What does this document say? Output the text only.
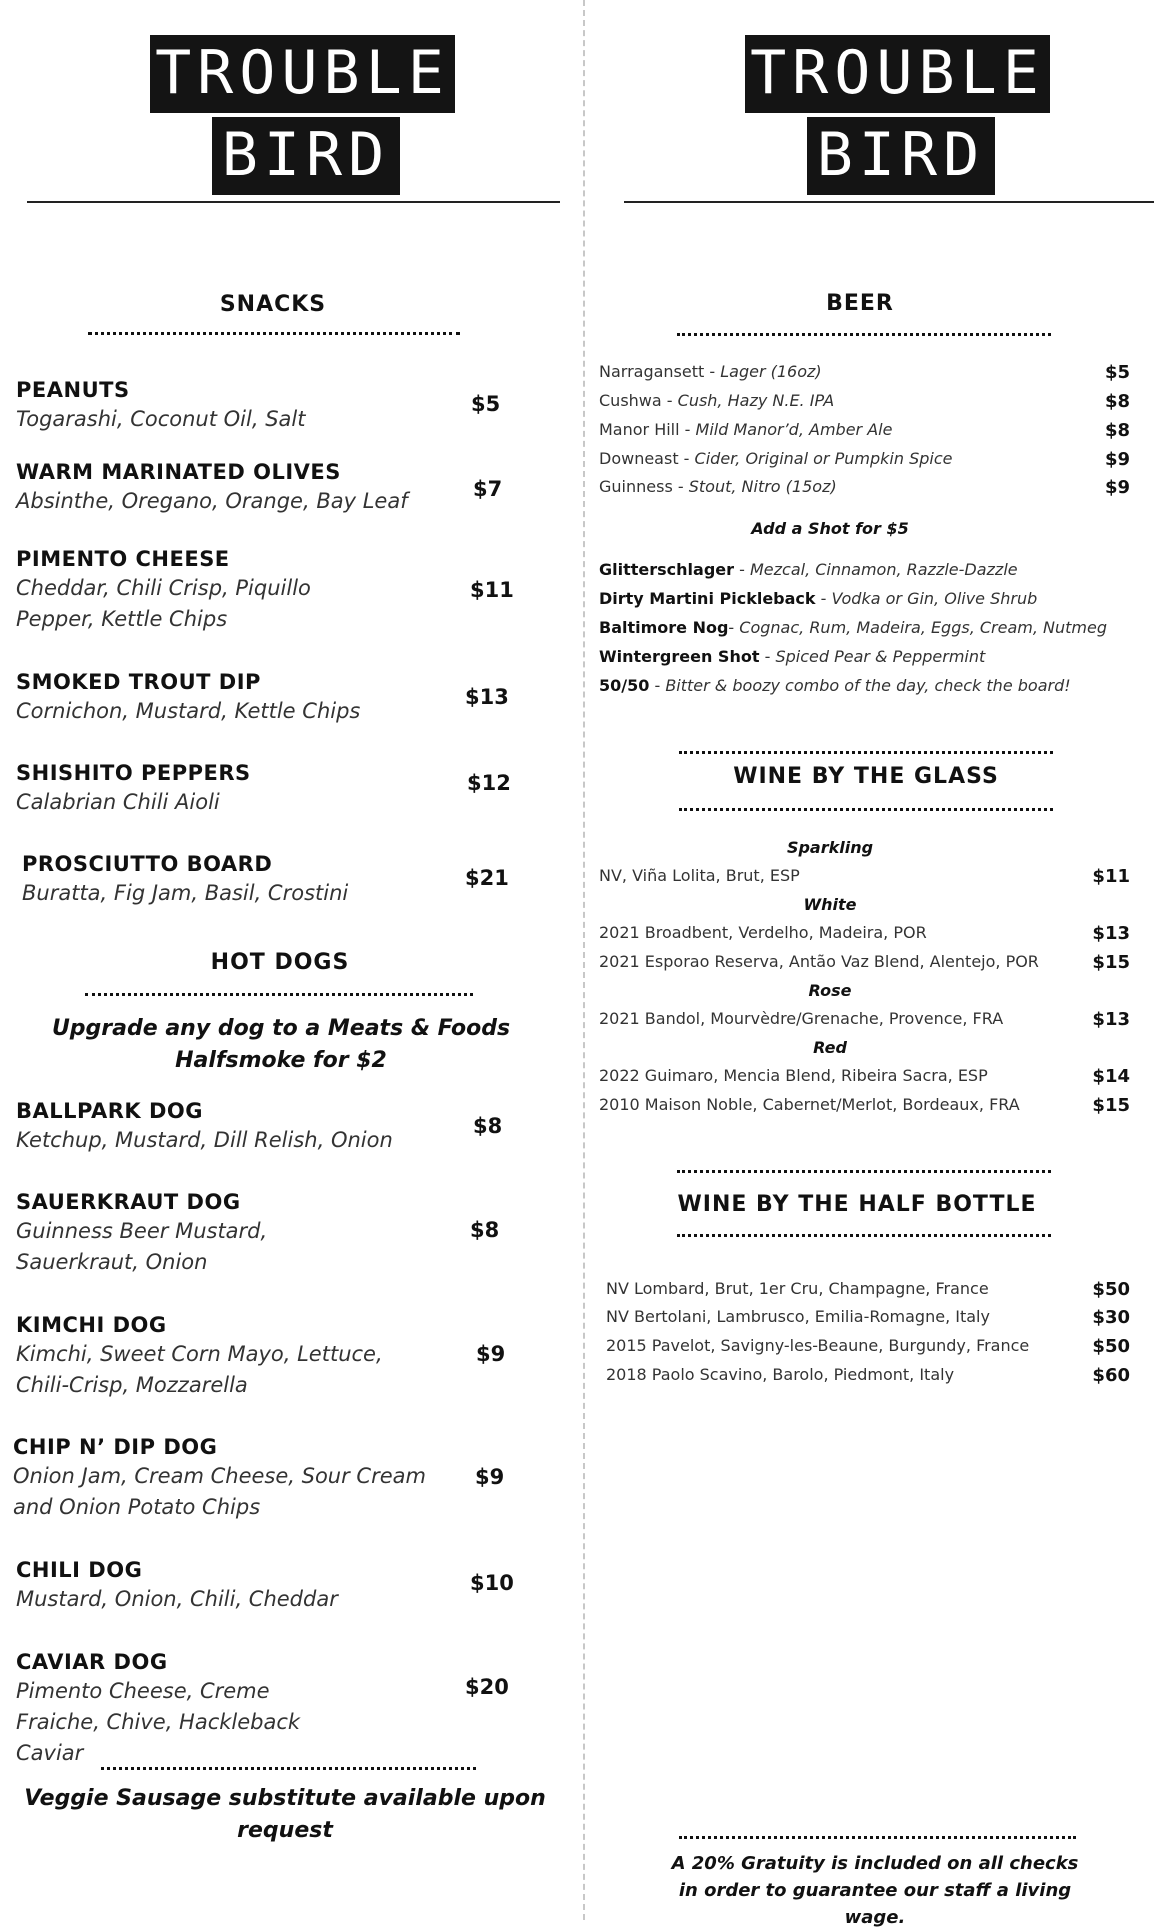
TROUBLE
BIRD
TROUBLE
BIRD
SNACKS
PEANUTS
Togarashi, Coconut Oil, Salt
$5
WARM MARINATED OLIVES
Absinthe, Oregano, Orange, Bay Leaf	$7
PIMENTO CHEESE
Cheddar, Chili Crisp, Piquillo Pepper, Kettle Chips
$11
SMOKED TROUT DIP
Cornichon, Mustard, Kettle Chips
$13
SHISHITO PEPPERS
Calabrian Chili Aioli
$12
PROSCIUTTO BOARD
Buratta, Fig Jam, Basil, Crostini
$21
HOT DOGS
Upgrade any dog to a Meats & Foods Halfsmoke for $2
BALLPARK DOG
Ketchup, Mustard, Dill Relish, Onion
$8
SAUERKRAUT DOG
Guinness Beer Mustard, Sauerkraut, Onion
$8
KIMCHI DOG
Kimchi, Sweet Corn Mayo, Lettuce, Chili-Crisp, Mozzarella
$9
CHIP N’ DIP DOG
Onion Jam, Cream Cheese, Sour Cream and Onion Potato Chips
$9
CHILI DOG
Mustard, Onion, Chili, Cheddar
$10
CAVIAR DOG
Pimento Cheese, Creme Fraiche, Chive, Hackleback Caviar
$20
Veggie Sausage substitute available upon request
BEER
Narragansett - Lager (16oz)	$5
Cushwa - Cush, Hazy N.E. IPA	$8
Manor Hill - Mild Manor’d, Amber Ale	$8
Downeast - Cider, Original or Pumpkin Spice	$9
Guinness - Stout, Nitro (15oz)	$9
Add a Shot for $5
Glitterschlager - Mezcal, Cinnamon, Razzle-Dazzle
Dirty Martini Pickleback - Vodka or Gin, Olive Shrub
Baltimore Nog- Cognac, Rum, Madeira, Eggs, Cream, Nutmeg
Wintergreen Shot - Spiced Pear & Peppermint
50/50 - Bitter & boozy combo of the day, check the board!
WINE BY THE GLASS
Sparkling
NV, Viña Lolita, Brut, ESP	$11
White
2021 Broadbent, Verdelho, Madeira, POR	$13
2021 Esporao Reserva, Antão Vaz Blend, Alentejo, POR	$15
Rose
2021 Bandol, Mourvèdre/Grenache, Provence, FRA	$13
Red
2022 Guimaro, Mencia Blend, Ribeira Sacra, ESP	$14
2010 Maison Noble, Cabernet/Merlot, Bordeaux, FRA	$15
WINE BY THE HALF BOTTLE
NV Lombard, Brut, 1er Cru, Champagne, France	$50
NV Bertolani, Lambrusco, Emilia-Romagne, Italy	$30
2015 Pavelot, Savigny-les-Beaune, Burgundy, France	$50
2018 Paolo Scavino, Barolo, Piedmont, Italy	$60
A 20% Gratuity is included on all checks in order to guarantee our staff a living wage.
